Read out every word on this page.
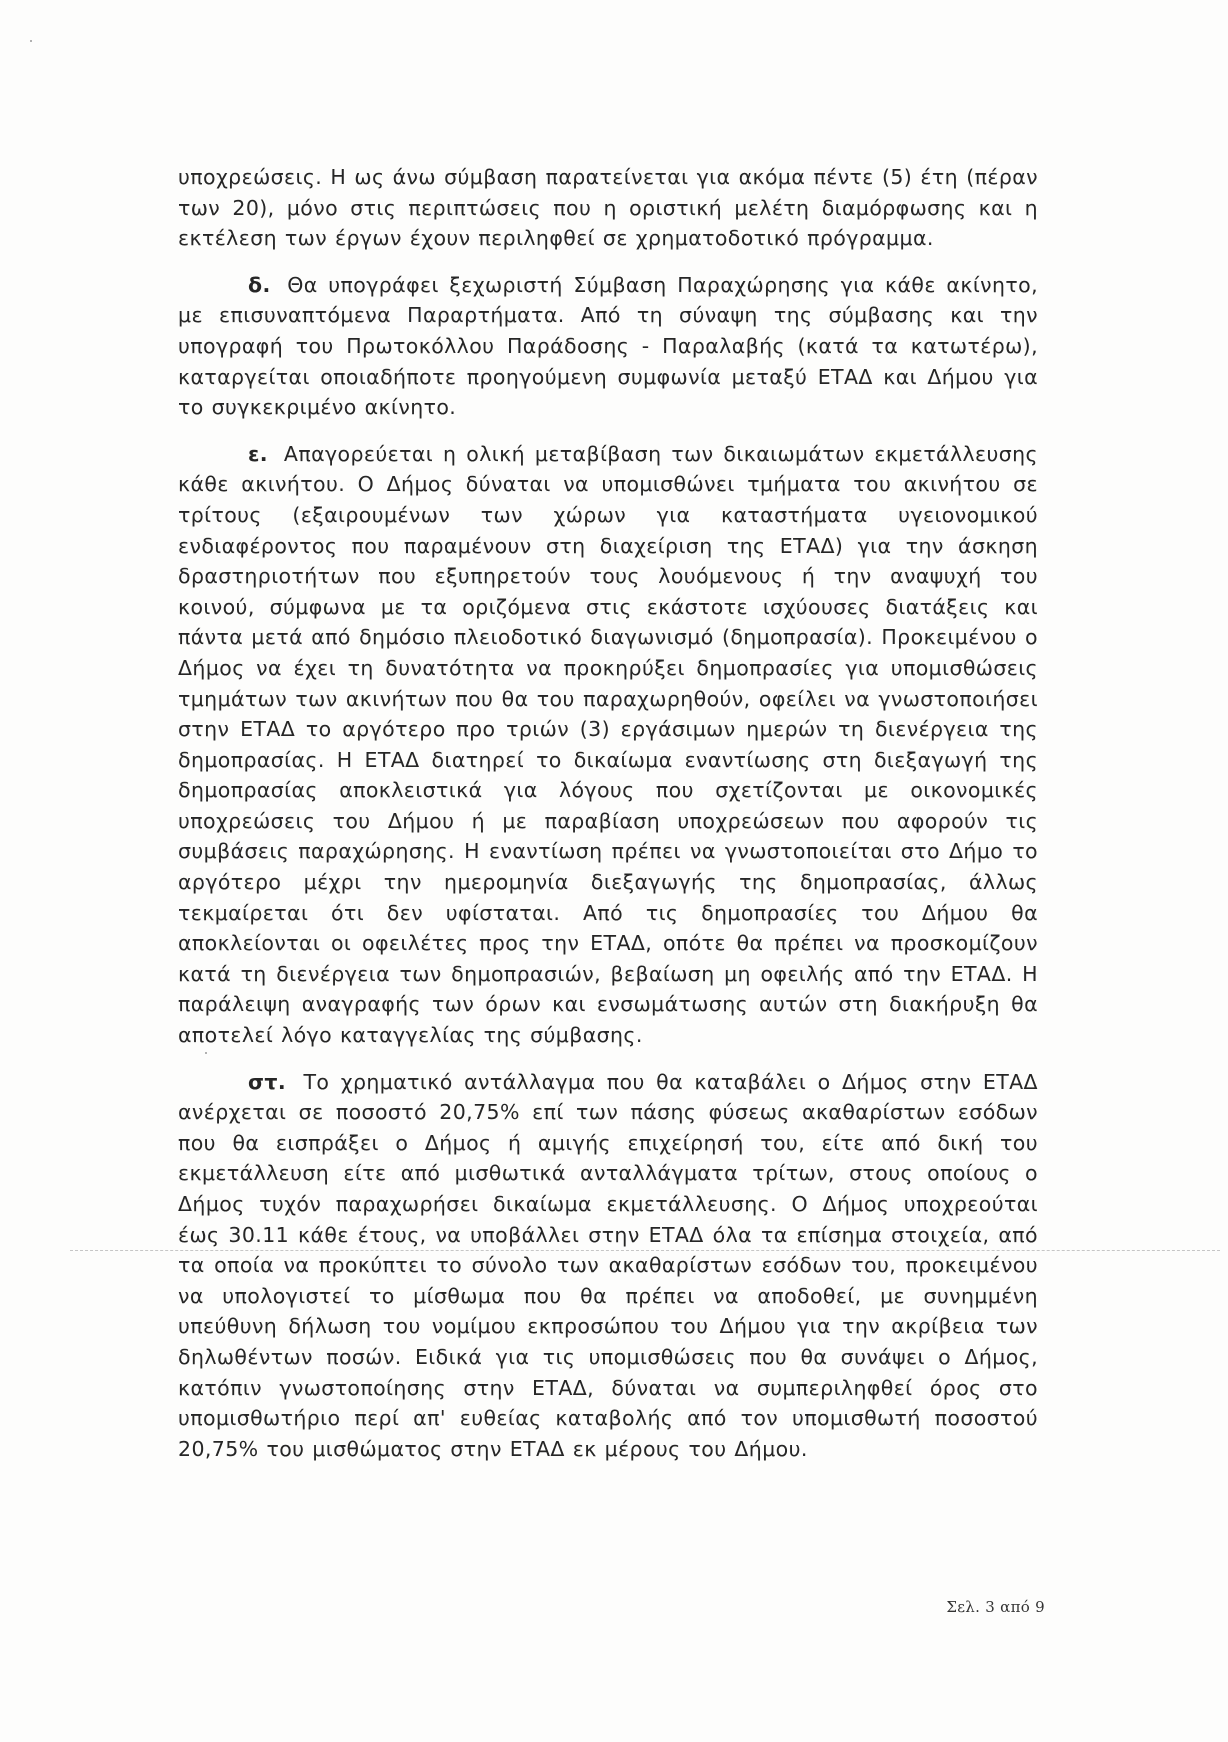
υποχρεώσεις. Η ως άνω σύμβαση παρατείνεται για ακόμα πέντε (5) έτη (πέραν των 20), μόνο στις περιπτώσεις που η οριστική μελέτη διαμόρφωσης και η εκτέλεση των έργων έχουν περιληφθεί σε χρηματοδοτικό πρόγραμμα.

δ. Θα υπογράφει ξεχωριστή Σύμβαση Παραχώρησης για κάθε ακίνητο, με επισυναπτόμενα Παραρτήματα. Από τη σύναψη της σύμβασης και την υπογραφή του Πρωτοκόλλου Παράδοσης - Παραλαβής (κατά τα κατωτέρω), καταργείται οποιαδήποτε προηγούμενη συμφωνία μεταξύ ΕΤΑΔ και Δήμου για το συγκεκριμένο ακίνητο.

ε. Απαγορεύεται η ολική μεταβίβαση των δικαιωμάτων εκμετάλλευσης κάθε ακινήτου. Ο Δήμος δύναται να υπομισθώνει τμήματα του ακινήτου σε τρίτους (εξαιρουμένων των χώρων για καταστήματα υγειονομικού ενδιαφέροντος που παραμένουν στη διαχείριση της ΕΤΑΔ) για την άσκηση δραστηριοτήτων που εξυπηρετούν τους λουόμενους ή την αναψυχή του κοινού, σύμφωνα με τα οριζόμενα στις εκάστοτε ισχύουσες διατάξεις και πάντα μετά από δημόσιο πλειοδοτικό διαγωνισμό (δημοπρασία). Προκειμένου ο Δήμος να έχει τη δυνατότητα να προκηρύξει δημοπρασίες για υπομισθώσεις τμημάτων των ακινήτων που θα του παραχωρηθούν, οφείλει να γνωστοποιήσει στην ΕΤΑΔ το αργότερο προ τριών (3) εργάσιμων ημερών τη διενέργεια της δημοπρασίας. Η ΕΤΑΔ διατηρεί το δικαίωμα εναντίωσης στη διεξαγωγή της δημοπρασίας αποκλειστικά για λόγους που σχετίζονται με οικονομικές υποχρεώσεις του Δήμου ή με παραβίαση υποχρεώσεων που αφορούν τις συμβάσεις παραχώρησης. Η εναντίωση πρέπει να γνωστοποιείται στο Δήμο το αργότερο μέχρι την ημερομηνία διεξαγωγής της δημοπρασίας, άλλως τεκμαίρεται ότι δεν υφίσταται. Από τις δημοπρασίες του Δήμου θα αποκλείονται οι οφειλέτες προς την ΕΤΑΔ, οπότε θα πρέπει να προσκομίζουν κατά τη διενέργεια των δημοπρασιών, βεβαίωση μη οφειλής από την ΕΤΑΔ. Η παράλειψη αναγραφής των όρων και ενσωμάτωσης αυτών στη διακήρυξη θα αποτελεί λόγο καταγγελίας της σύμβασης.

στ. Το χρηματικό αντάλλαγμα που θα καταβάλει ο Δήμος στην ΕΤΑΔ ανέρχεται σε ποσοστό 20,75% επί των πάσης φύσεως ακαθαρίστων εσόδων που θα εισπράξει ο Δήμος ή αμιγής επιχείρησή του, είτε από δική του εκμετάλλευση είτε από μισθωτικά ανταλλάγματα τρίτων, στους οποίους ο Δήμος τυχόν παραχωρήσει δικαίωμα εκμετάλλευσης. Ο Δήμος υποχρεούται έως 30.11 κάθε έτους, να υποβάλλει στην ΕΤΑΔ όλα τα επίσημα στοιχεία, από τα οποία να προκύπτει το σύνολο των ακαθαρίστων εσόδων του, προκειμένου να υπολογιστεί το μίσθωμα που θα πρέπει να αποδοθεί, με συνημμένη υπεύθυνη δήλωση του νομίμου εκπροσώπου του Δήμου για την ακρίβεια των δηλωθέντων ποσών. Ειδικά για τις υπομισθώσεις που θα συνάψει ο Δήμος, κατόπιν γνωστοποίησης στην ΕΤΑΔ, δύναται να συμπεριληφθεί όρος στο υπομισθωτήριο περί απ' ευθείας καταβολής από τον υπομισθωτή ποσοστού 20,75% του μισθώματος στην ΕΤΑΔ εκ μέρους του Δήμου.

Σελ. 3 από 9
